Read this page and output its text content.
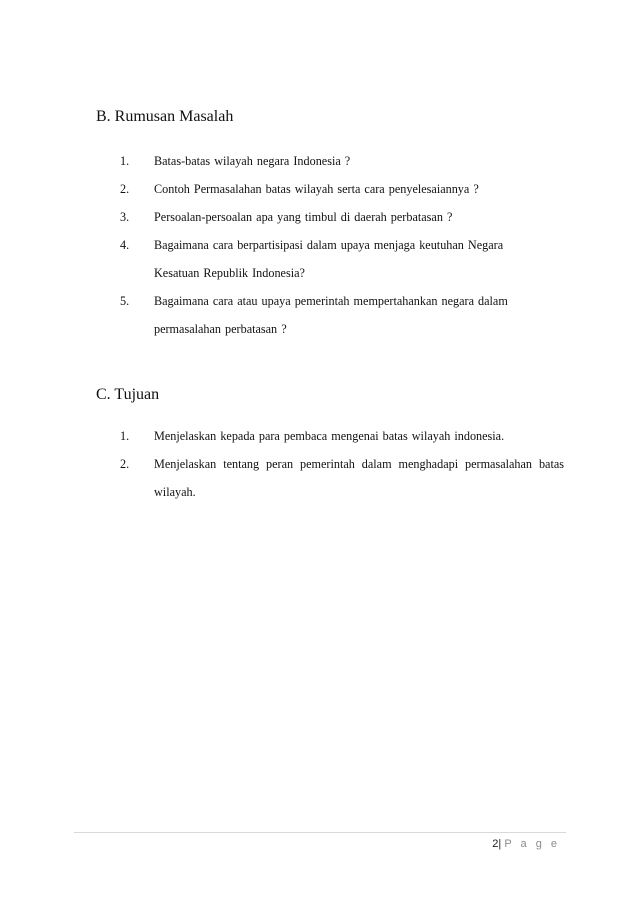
B. Rumusan Masalah
1. Batas-batas wilayah negara Indonesia ?
2. Contoh Permasalahan batas wilayah serta cara penyelesaiannya ?
3. Persoalan-persoalan apa yang timbul di daerah perbatasan ?
4. Bagaimana cara berpartisipasi dalam upaya menjaga keutuhan Negara Kesatuan Republik Indonesia?
5. Bagaimana cara atau upaya pemerintah mempertahankan negara dalam permasalahan perbatasan ?
C. Tujuan
1. Menjelaskan kepada para pembaca mengenai batas wilayah indonesia.
2. Menjelaskan tentang peran pemerintah dalam menghadapi permasalahan batas wilayah.
2| P a g e
